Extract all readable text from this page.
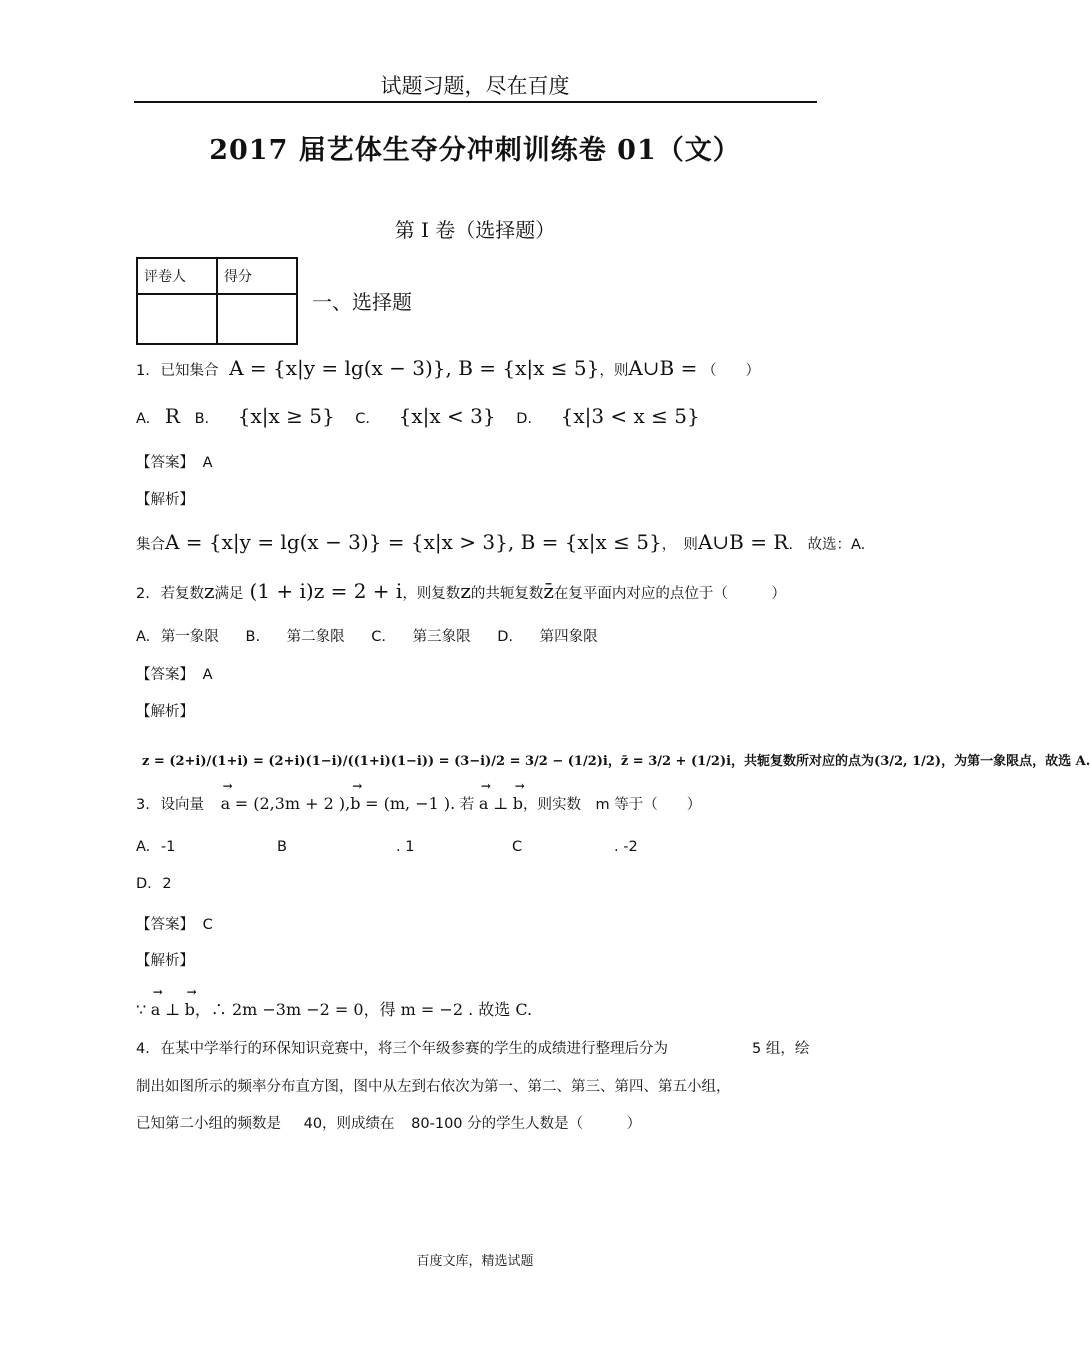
试题习题，尽在百度
2017 届艺体生夺分冲刺训练卷 01（文）
第 I 卷（选择题）
评卷人	得分

一、选择题
1. 已知集合 A = {x|y = lg(x − 3)}, B = {x|x ≤ 5}，则A∪B = （　　）
A. R B. {x|x ≥ 5} C. {x|x < 3} D. {x|3 < x ≤ 5}
【答案】 A
【解析】
集合A = {x|y = lg(x − 3)} = {x|x > 3}, B = {x|x ≤ 5}，　则A∪B = R.　故选：A.
2. 若复数z满足 (1 + i)z = 2 + i，则复数z的共轭复数z̄在复平面内对应的点位于（　　　）
A. 第一象限 B. 第二象限 C. 第三象限 D. 第四象限
【答案】 A
【解析】
z = (2+i)/(1+i) = (2+i)(1−i)/((1+i)(1−i)) = (3−i)/2 = 3/2 − (1/2)i，z̄ = 3/2 + (1/2)i，共轭复数所对应的点为(3/2, 1/2)，为第一象限点，故选 A.
3. 设向量 → a = (2,3m + 2 ),→ b = (m, −1 ). 若 → a ⊥ → b，则实数　m 等于（　　）
A. -1	B	. 1	C	. -2
D. 2
【答案】 C
【解析】
∵ → a ⊥ → b，∴ 2m −3m −2 = 0，得 m = −2 . 故选 C.
4. 在某中学举行的环保知识竞赛中，将三个年级参赛的学生的成绩进行整理后分为	5 组，绘
制出如图所示的频率分布直方图，图中从左到右依次为第一、第二、第三、第四、第五小组，
已知第二小组的频数是 40，则成绩在 80-100 分的学生人数是（　　　）
百度文库，精选试题
